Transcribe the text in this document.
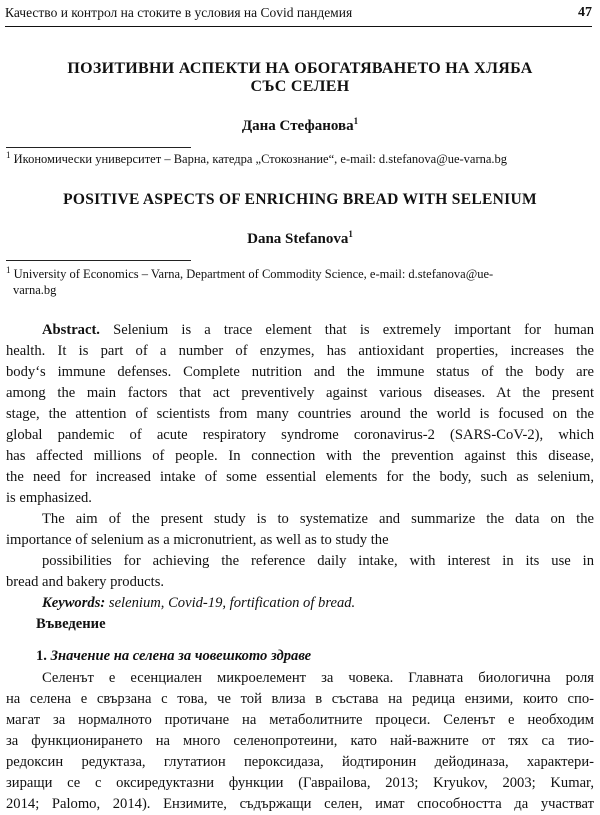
Качество и контрол на стоките в условия на Covid пандемия	47
ПОЗИТИВНИ АСПЕКТИ НА ОБОГАТЯВАНЕТО НА ХЛЯБА
СЪС СЕЛЕН
Дана Стефанова$^1$
$^1$ Икономически университет – Варна, катедра „Стокознание“, e-mail: d.stefanova@ue-varna.bg
POSITIVE ASPECTS OF ENRICHING BREAD WITH SELENIUM
Dana Stefanova$^1$
$^1$ University of Economics – Varna, Department of Commodity Science, e-mail: d.stefanova@ue-
varna.bg
Abstract. Selenium is a trace element that is extremely important for human
health. It is part of a number of enzymes, has antioxidant properties, increases the
body‘s immune defenses. Complete nutrition and the immune status of the body are
among the main factors that act preventively against various diseases. At the present
stage, the attention of scientists from many countries around the world is focused on the
global pandemic of acute respiratory syndrome coronavirus-2 (SARS-CoV-2), which
has affected millions of people. In connection with the prevention against this disease,
the need for increased intake of some essential elements for the body, such as selenium,
is emphasized.
The aim of the present study is to systematize and summarize the data on the
importance of selenium as a micronutrient, as well as to study the
possibilities for achieving the reference daily intake, with interest in its use in
bread and bakery products.
Keywords: selenium, Covid-19, fortification of bread.
Въведение
1. Значение на селена за човешкото здраве
Селенът е есенциален микроелемент за човека. Главната биологична роля
на селена е свързана с това, че той влиза в състава на редица ензими, които спо-
магат за нормалното протичане на метаболитните процеси. Селенът е необходим
за функционирането на много селенопротеини, като най-важните от тях са тио-
редоксин редуктаза, глутатион пероксидаза, йодтиронин дейодиназа, характери-
зиращи се с оксиредуктазни функции (Гаврailова, 2013; Kryukov, 2003; Kumar,
2014; Palomo, 2014). Ензимите, съдържащи селен, имат способността да участват
